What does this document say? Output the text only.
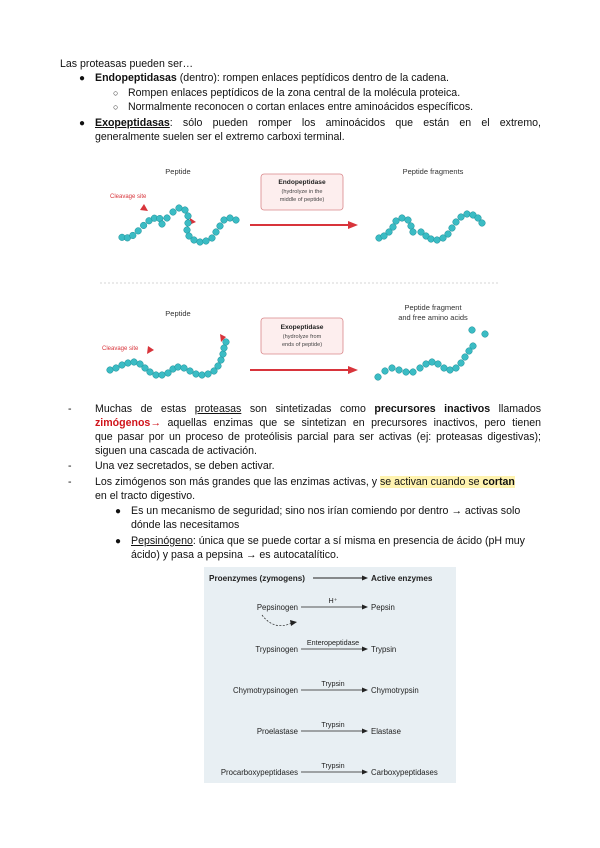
Las proteasas pueden ser…
● Endopeptidasas (dentro): rompen enlaces peptídicos dentro de la cadena.
○ Rompen enlaces peptídicos de la zona central de la molécula proteica.
○ Normalmente reconocen o cortan enlaces entre aminoácidos específicos.
● Exopeptidasas: sólo pueden romper los aminoácidos que están en el extremo,
generalmente suelen ser el extremo carboxi terminal.
Peptide
Cleavage site
Peptide fragments
Endopeptidase
(hydrolyze in the
middle of peptide)
Peptide
Cleavage site
Peptide fragment
and free amino acids
Exopeptidase
(hydrolyze from
ends of peptide)
- Muchas de estas proteasas son sintetizadas como precursores inactivos llamados
zimógenos→ aquellas enzimas que se sintetizan en precursores inactivos, pero tienen
que pasar por un proceso de proteólisis parcial para ser activas (ej: proteasas digestivas);
siguen una cascada de activación.
- Una vez secretados, se deben activar.
- Los zimógenos son más grandes que las enzimas activas, y se activan cuando se cortan
en el tracto digestivo.
● Es un mecanismo de seguridad; sino nos irían comiendo por dentro → activas solo
dónde las necesitamos
● Pepsinógeno: única que se puede cortar a sí misma en presencia de ácido (pH muy
ácido) y pasa a pepsina → es autocatalítico.
Proenzymes (zymogens)	Active enzymes
Pepsinogen
H⁺
Pepsin
Trypsinogen
Enteropeptidase
Trypsin
Chymotrypsinogen
Trypsin
Chymotrypsin
Proelastase
Trypsin
Elastase
Procarboxypeptidases
Trypsin
Carboxypeptidases
